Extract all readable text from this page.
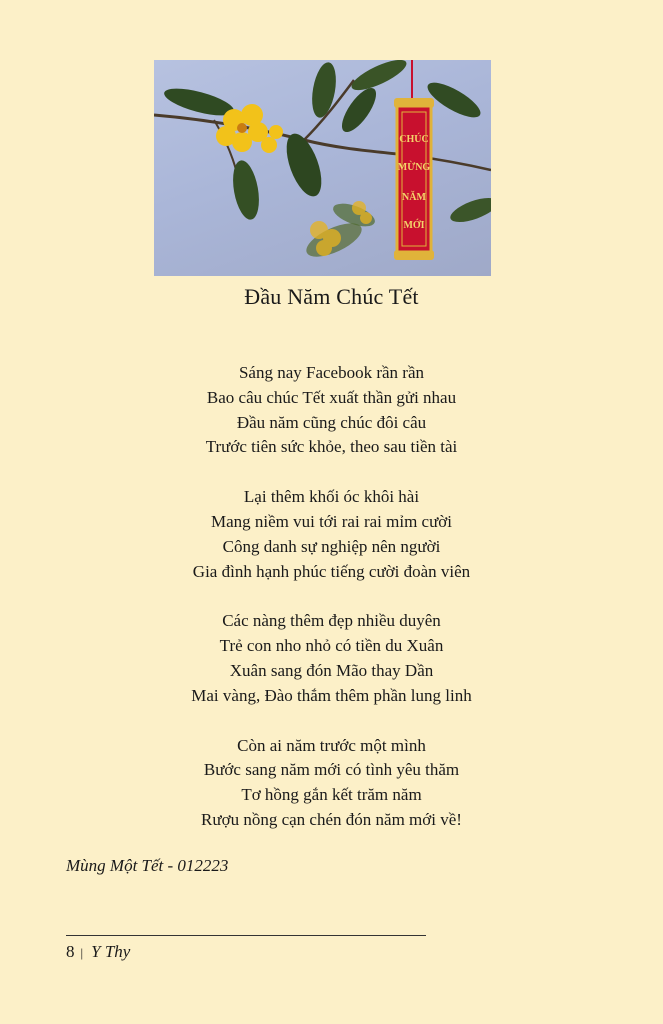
CHÚC
MỪNG
NĂM
MỚI
Đầu Năm Chúc Tết
Sáng nay Facebook rần rần
Bao câu chúc Tết xuất thần gửi nhau
Đầu năm cũng chúc đôi câu
Trước tiên sức khỏe, theo sau tiền tài
Lại thêm khối óc khôi hài
Mang niềm vui tới rai rai mỉm cười
Công danh sự nghiệp nên người
Gia đình hạnh phúc tiếng cười đoàn viên
Các nàng thêm đẹp nhiều duyên
Trẻ con nho nhỏ có tiền du Xuân
Xuân sang đón Mão thay Dần
Mai vàng, Đào thắm thêm phần lung linh
Còn ai năm trước một mình
Bước sang năm mới có tình yêu thăm
Tơ hồng gắn kết trăm năm
Rượu nồng cạn chén đón năm mới về!
Mùng Một Tết - 012223
8 | Y Thy
